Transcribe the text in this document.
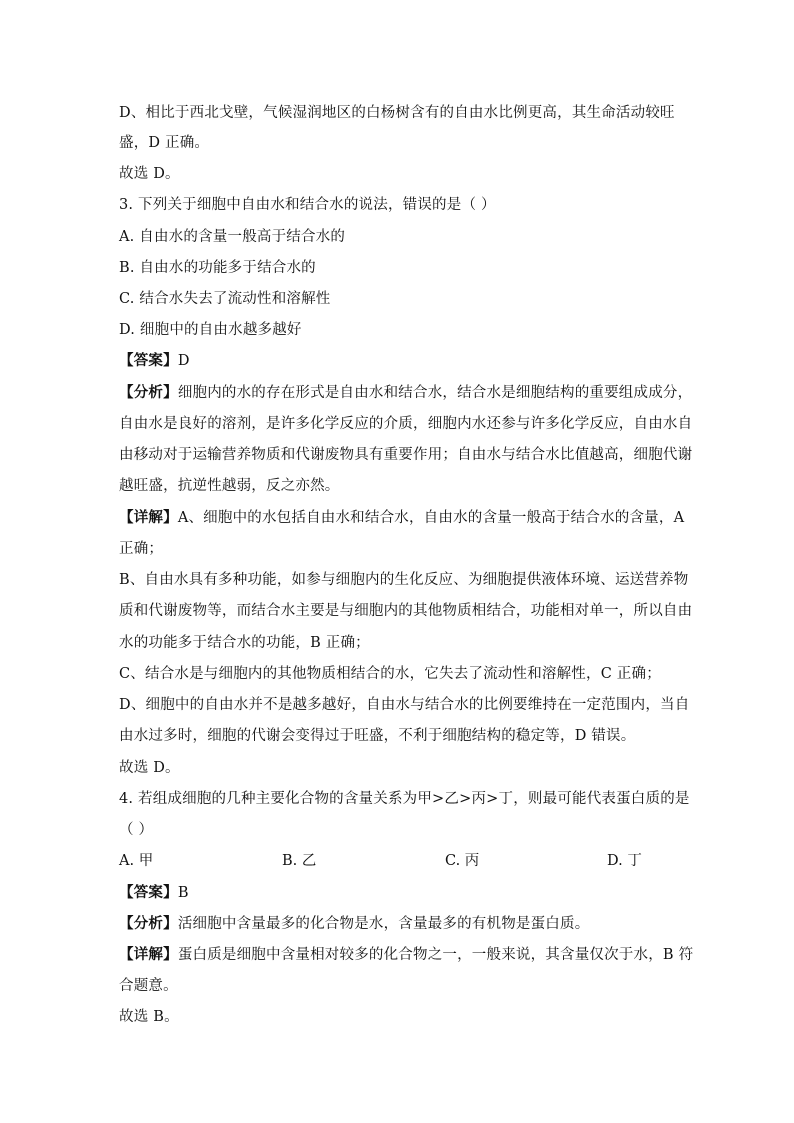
D、相比于西北戈壁，气候湿润地区的白杨树含有的自由水比例更高，其生命活动较旺
盛，D 正确。
故选 D。
3. 下列关于细胞中自由水和结合水的说法，错误的是（ ）
A. 自由水的含量一般高于结合水的
B. 自由水的功能多于结合水的
C. 结合水失去了流动性和溶解性
D. 细胞中的自由水越多越好
【答案】D
【分析】细胞内的水的存在形式是自由水和结合水，结合水是细胞结构的重要组成成分，
自由水是良好的溶剂，是许多化学反应的介质，细胞内水还参与许多化学反应，自由水自
由移动对于运输营养物质和代谢废物具有重要作用；自由水与结合水比值越高，细胞代谢
越旺盛，抗逆性越弱，反之亦然。
【详解】A、细胞中的水包括自由水和结合水，自由水的含量一般高于结合水的含量，A
正确；
B、自由水具有多种功能，如参与细胞内的生化反应、为细胞提供液体环境、运送营养物
质和代谢废物等，而结合水主要是与细胞内的其他物质相结合，功能相对单一，所以自由
水的功能多于结合水的功能，B 正确；
C、结合水是与细胞内的其他物质相结合的水，它失去了流动性和溶解性，C 正确；
D、细胞中的自由水并不是越多越好，自由水与结合水的比例要维持在一定范围内，当自
由水过多时，细胞的代谢会变得过于旺盛，不利于细胞结构的稳定等，D 错误。
故选 D。
4. 若组成细胞的几种主要化合物的含量关系为甲>乙>丙>丁，则最可能代表蛋白质的是
（ ）
A. 甲	B. 乙	C. 丙	D. 丁
【答案】B
【分析】活细胞中含量最多的化合物是水，含量最多的有机物是蛋白质。
【详解】蛋白质是细胞中含量相对较多的化合物之一，一般来说，其含量仅次于水，B 符
合题意。
故选 B。
